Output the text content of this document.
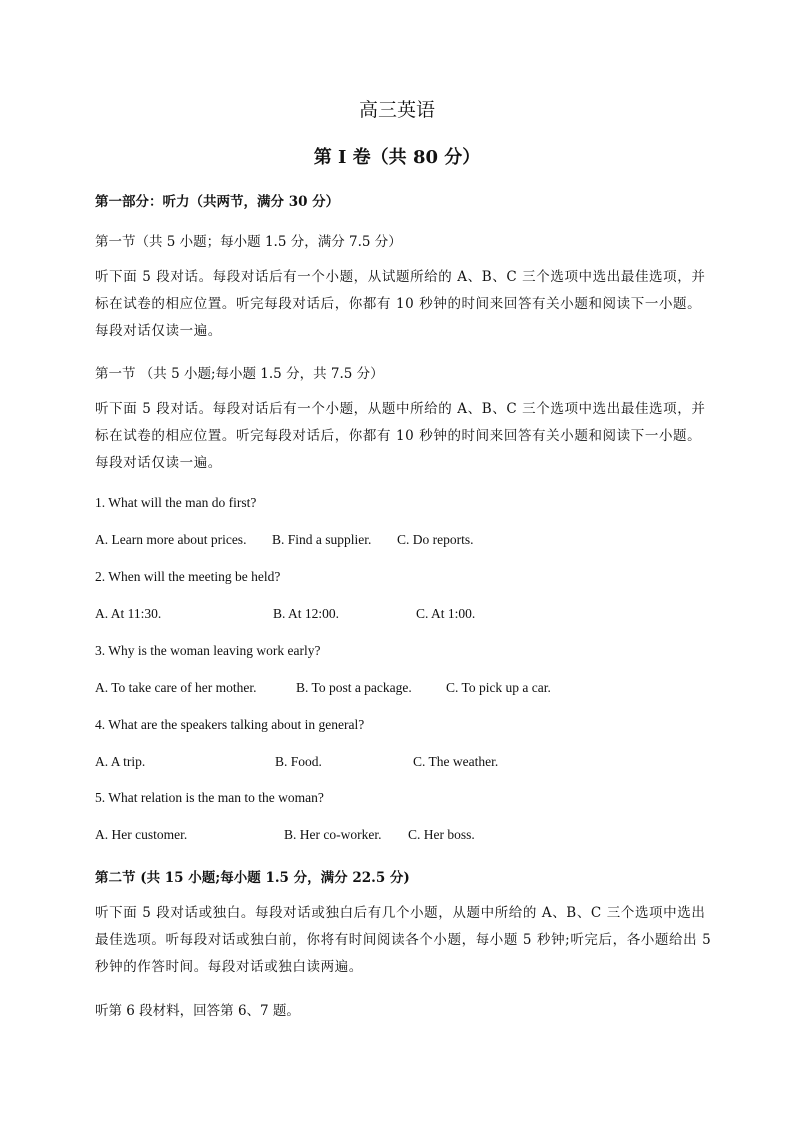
高三英语
第 I 卷（共 80 分）
第一部分：听力（共两节，满分 30 分）
第一节（共 5 小题；每小题 1.5 分，满分 7.5 分）
听下面 5 段对话。每段对话后有一个小题，从试题所给的 A、B、C 三个选项中选出最佳选项，并标在试卷的相应位置。听完每段对话后，你都有 10 秒钟的时间来回答有关小题和阅读下一小题。每段对话仅读一遍。
第一节 （共 5 小题;每小题 1.5 分，共 7.5 分）
听下面 5 段对话。每段对话后有一个小题，从题中所给的 A、B、C 三个选项中选出最佳选项，并标在试卷的相应位置。听完每段对话后，你都有 10 秒钟的时间来回答有关小题和阅读下一小题。每段对话仅读一遍。
1. What will the man do first?
A. Learn more about prices. B. Find a supplier. C. Do reports.
2. When will the meeting be held?
A. At 11:30.	B. At 12:00.	C. At 1:00.
3. Why is the woman leaving work early?
A. To take care of her mother.	B. To post a package.	C. To pick up a car.
4. What are the speakers talking about in general?
A. A trip.	B. Food.	C. The weather.
5. What relation is the man to the woman?
A. Her customer.	B. Her co-worker. C. Her boss.
第二节 (共 15 小题;每小题 1.5 分，满分 22.5 分)
听下面 5 段对话或独白。每段对话或独白后有几个小题，从题中所给的 A、B、C 三个选项中选出最佳选项。听每段对话或独白前，你将有时间阅读各个小题，每小题 5 秒钟;听完后，各小题给出 5 秒钟的作答时间。每段对话或独白读两遍。
听第 6 段材料，回答第 6、7 题。
